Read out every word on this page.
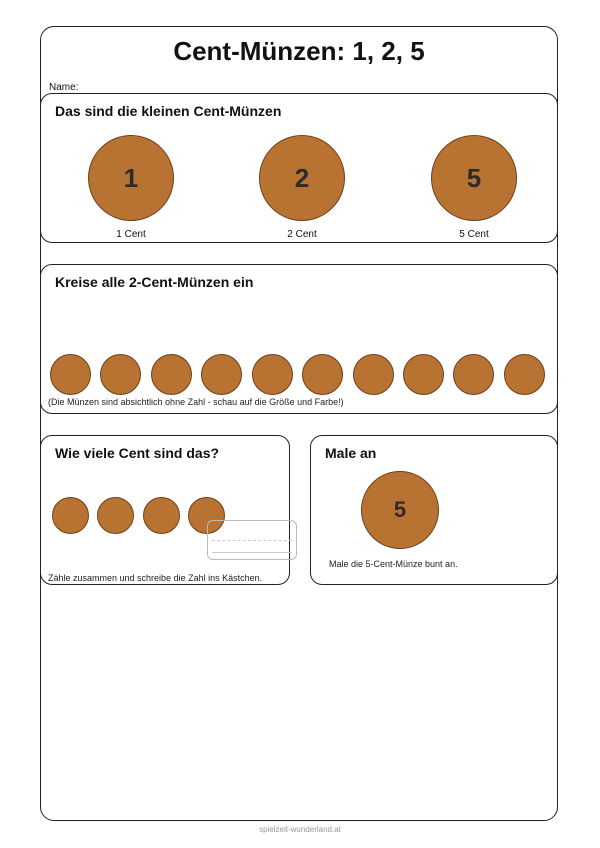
Cent-Münzen: 1, 2, 5
Name:
Das sind die kleinen Cent-Münzen
1
1 Cent
2
2 Cent
5
5 Cent
Kreise alle 2-Cent-Münzen ein
(Die Münzen sind absichtlich ohne Zahl - schau auf die Größe und Farbe!)
Wie viele Cent sind das?
Zähle zusammen und schreibe die Zahl ins Kästchen.
Male an
5
Male die 5-Cent-Münze bunt an.
spielzeit-wunderland.at
